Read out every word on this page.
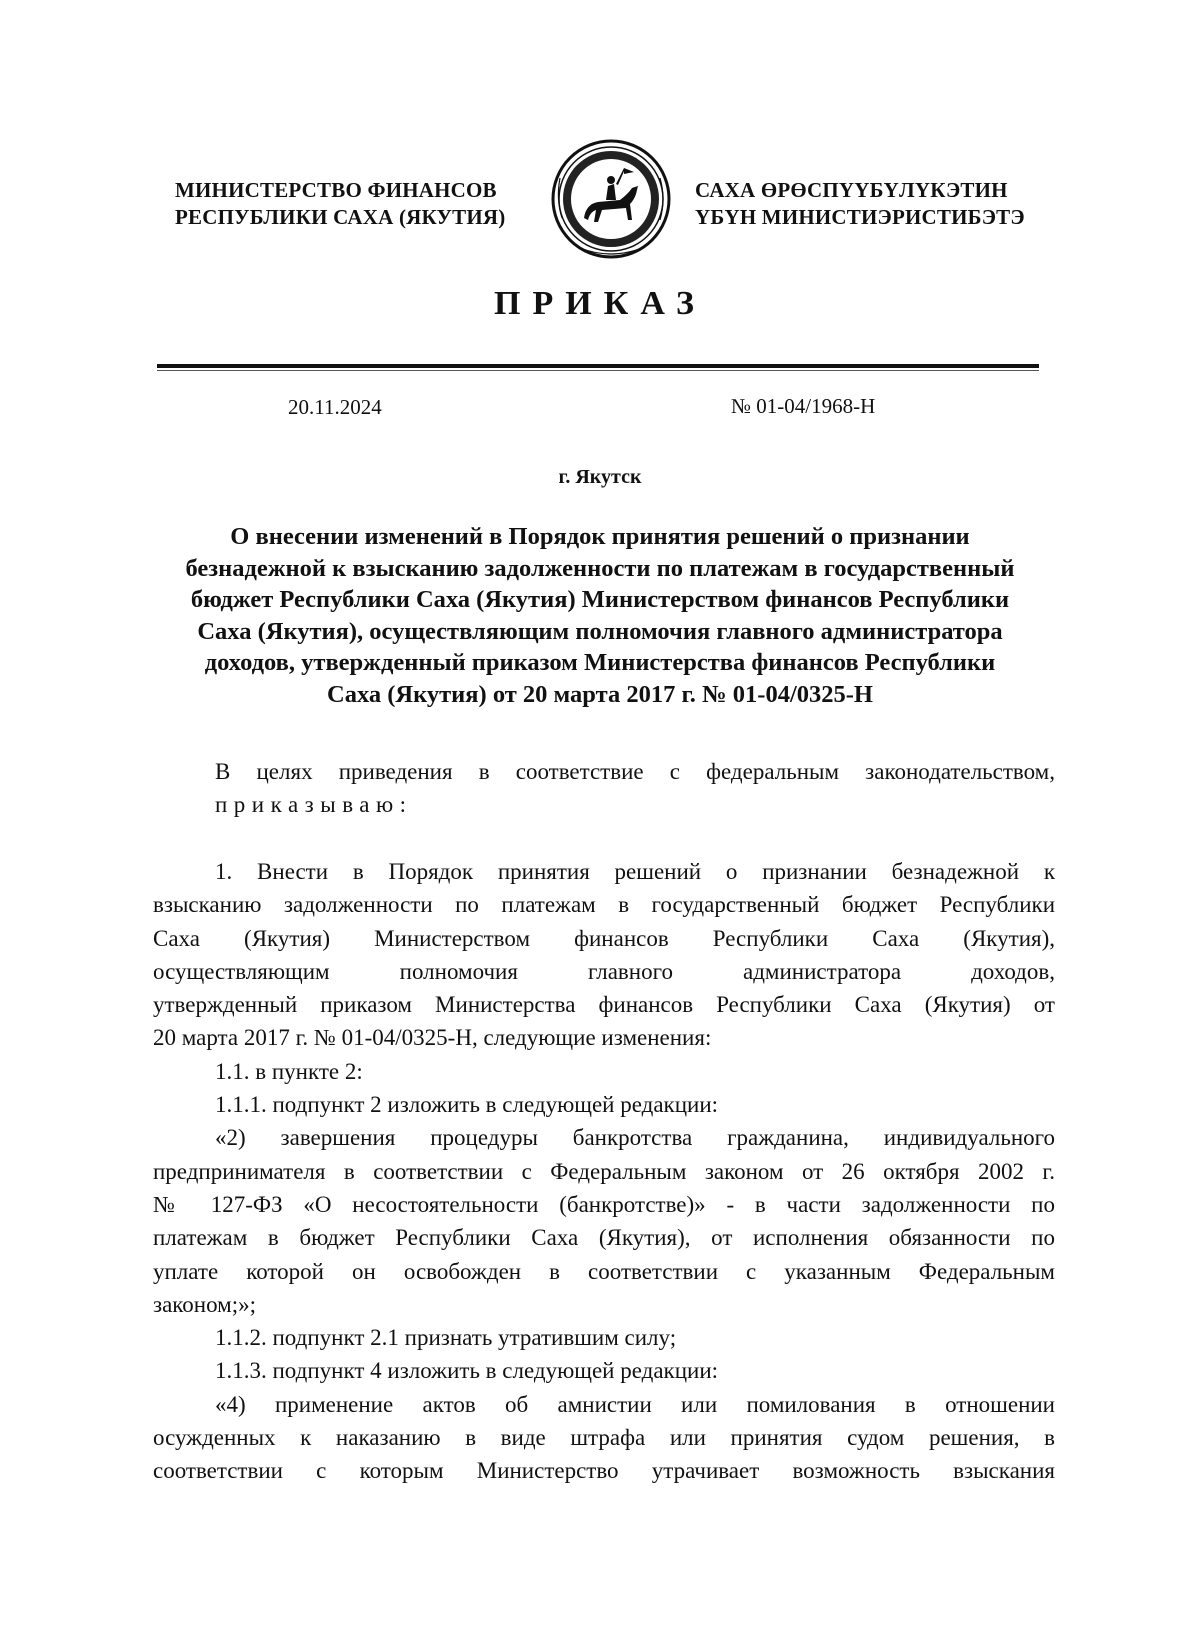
МИНИСТЕРСТВО ФИНАНСОВ
РЕСПУБЛИКИ САХА (ЯКУТИЯ)
САХА ӨРӨСПҮҮБҮЛҮКЭТИН
ҮБҮН МИНИСТИЭРИСТИБЭТЭ
ПРИКАЗ
20.11.2024	№ 01-04/1968-Н
г. Якутск
О внесении изменений в Порядок принятия решений о признании
безнадежной к взысканию задолженности по платежам в государственный
бюджет Республики Саха (Якутия) Министерством финансов Республики
Саха (Якутия), осуществляющим полномочия главного администратора
доходов, утвержденный приказом Министерства финансов Республики
Саха (Якутия) от 20 марта 2017 г. № 01-04/0325-Н
В целях приведения в соответствие с федеральным законодательством,
приказываю:
1. Внести в Порядок принятия решений о признании безнадежной к
взысканию задолженности по платежам в государственный бюджет Республики
Саха (Якутия) Министерством финансов Республики Саха (Якутия),
осуществляющим полномочия главного администратора доходов,
утвержденный приказом Министерства финансов Республики Саха (Якутия) от
20 марта 2017 г. № 01-04/0325-Н, следующие изменения:
1.1. в пункте 2:
1.1.1. подпункт 2 изложить в следующей редакции:
«2) завершения процедуры банкротства гражданина, индивидуального
предпринимателя в соответствии с Федеральным законом от 26 октября 2002 г.
№ 127-ФЗ «О несостоятельности (банкротстве)» - в части задолженности по
платежам в бюджет Республики Саха (Якутия), от исполнения обязанности по
уплате которой он освобожден в соответствии с указанным Федеральным
законом;»;
1.1.2. подпункт 2.1 признать утратившим силу;
1.1.3. подпункт 4 изложить в следующей редакции:
«4) применение актов об амнистии или помилования в отношении
осужденных к наказанию в виде штрафа или принятия судом решения, в
соответствии с которым Министерство утрачивает возможность взыскания
